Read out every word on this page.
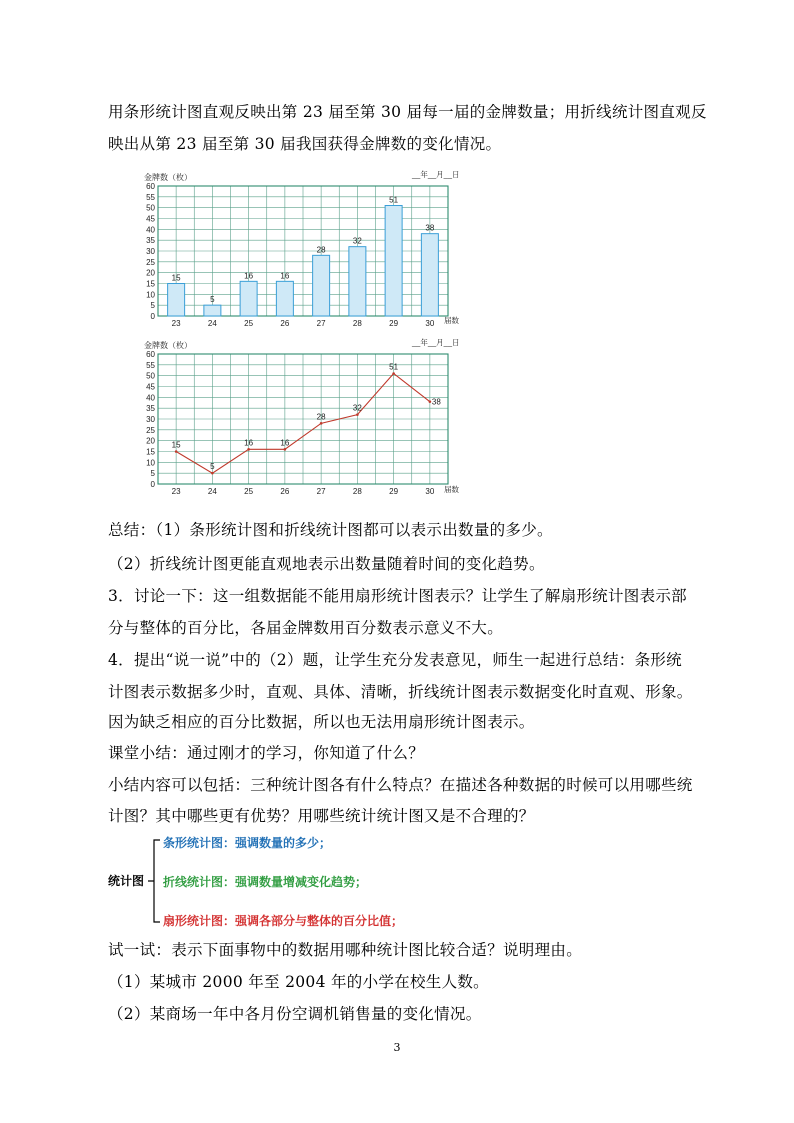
用条形统计图直观反映出第 23 届至第 30 届每一届的金牌数量；用折线统计图直观反

映出从第 23 届至第 30 届我国获得金牌数的变化情况。

金牌数（枚）	__年__月__日
0
5
10
15
20
25
30
35
40
45
50
55
60
15
5
16	16
28
32
51
38
23	24	25	26	27	28	29	30 届数
金牌数（枚）	__年__月__日
0
5
10
15
20
25
30
35
40
45
50
55
60
15
5
16	16
28
32
51
38
23	24	25	26	27	28	29	30 届数

总结：（1）条形统计图和折线统计图都可以表示出数量的多少。

（2）折线统计图更能直观地表示出数量随着时间的变化趋势。

3．讨论一下：这一组数据能不能用扇形统计图表示？让学生了解扇形统计图表示部

分与整体的百分比，各届金牌数用百分数表示意义不大。

4．提出“说一说”中的（2）题，让学生充分发表意见，师生一起进行总结：条形统

计图表示数据多少时，直观、具体、清晰，折线统计图表示数据变化时直观、形象。

因为缺乏相应的百分比数据，所以也无法用扇形统计图表示。

课堂小结：通过刚才的学习，你知道了什么？

小结内容可以包括：三种统计图各有什么特点？在描述各种数据的时候可以用哪些统

计图？其中哪些更有优势？用哪些统计统计图又是不合理的？

统计图
条形统计图：强调数量的多少；
折线统计图：强调数量增减变化趋势；
扇形统计图：强调各部分与整体的百分比值；

试一试：表示下面事物中的数据用哪种统计图比较合适？说明理由。

（1）某城市 2000 年至 2004 年的小学在校生人数。

（2）某商场一年中各月份空调机销售量的变化情况。

3
